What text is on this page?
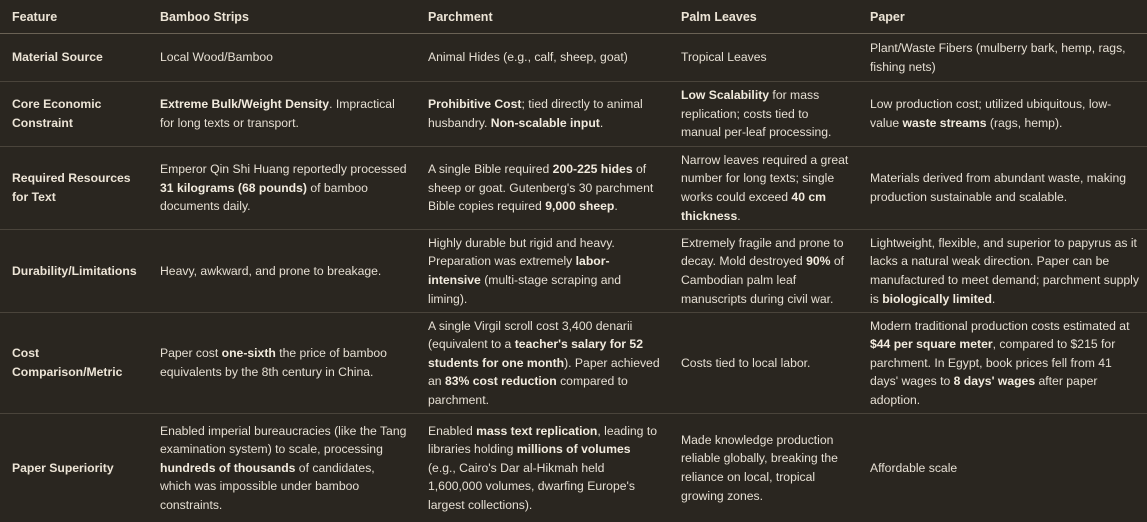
Feature	Bamboo Strips	Parchment	Palm Leaves	Paper
Material Source	Local Wood/Bamboo	Animal Hides (e.g., calf, sheep, goat)	Tropical Leaves	Plant/Waste Fibers (mulberry bark, hemp, rags, fishing nets)
Core Economic Constraint	Extreme Bulk/Weight Density. Impractical for long texts or transport.	Prohibitive Cost; tied directly to animal husbandry. Non-scalable input.	Low Scalability for mass replication; costs tied to manual per-leaf processing.	Low production cost; utilized ubiquitous, low-value waste streams (rags, hemp).
Required Resources for Text	Emperor Qin Shi Huang reportedly processed 31 kilograms (68 pounds) of bamboo documents daily.	A single Bible required 200-225 hides of sheep or goat. Gutenberg's 30 parchment Bible copies required 9,000 sheep.	Narrow leaves required a great number for long texts; single works could exceed 40 cm thickness.	Materials derived from abundant waste, making production sustainable and scalable.
Durability/Limitations	Heavy, awkward, and prone to breakage.	Highly durable but rigid and heavy. Preparation was extremely labor-intensive (multi-stage scraping and liming).	Extremely fragile and prone to decay. Mold destroyed 90% of Cambodian palm leaf manuscripts during civil war.	Lightweight, flexible, and superior to papyrus as it lacks a natural weak direction. Paper can be manufactured to meet demand; parchment supply is biologically limited.
Cost Comparison/Metric	Paper cost one-sixth the price of bamboo equivalents by the 8th century in China.	A single Virgil scroll cost 3,400 denarii (equivalent to a teacher's salary for 52 students for one month). Paper achieved an 83% cost reduction compared to parchment.	Costs tied to local labor.	Modern traditional production costs estimated at $44 per square meter, compared to $215 for parchment. In Egypt, book prices fell from 41 days' wages to 8 days' wages after paper adoption.
Paper Superiority	Enabled imperial bureaucracies (like the Tang examination system) to scale, processing hundreds of thousands of candidates, which was impossible under bamboo constraints.	Enabled mass text replication, leading to libraries holding millions of volumes (e.g., Cairo's Dar al-Hikmah held 1,600,000 volumes, dwarfing Europe's largest collections).	Made knowledge production reliable globally, breaking the reliance on local, tropical growing zones.	Affordable scale
